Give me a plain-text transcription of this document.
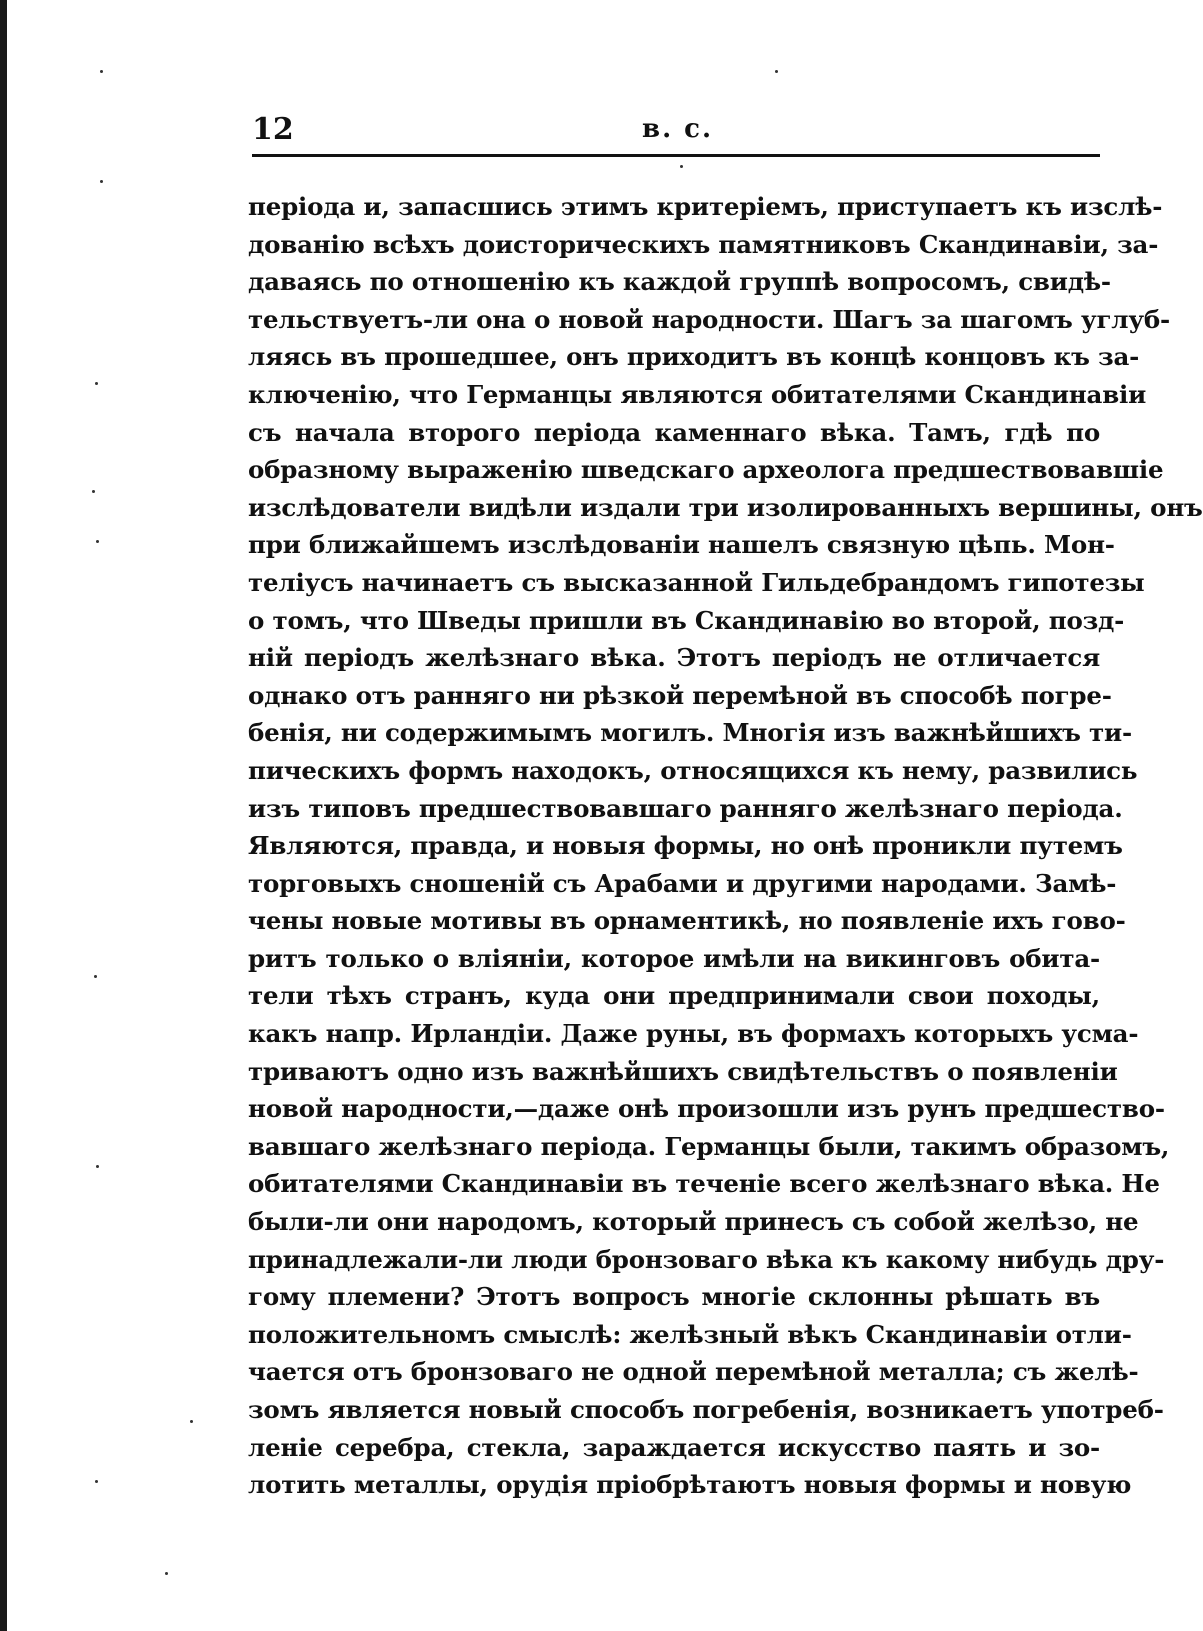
12	в. с.
періода и, запасшись этимъ критеріемъ, приступаетъ къ изслѣ-
дованію всѣхъ доисторическихъ памятниковъ Скандинавіи, за-
даваясь по отношенію къ каждой группѣ вопросомъ, свидѣ-
тельствуетъ-ли она о новой народности. Шагъ за шагомъ углуб-
ляясь въ прошедшее, онъ приходитъ въ концѣ концовъ къ за-
ключенію, что Германцы являются обитателями Скандинавіи
съ начала второго періода каменнаго вѣка. Тамъ, гдѣ по
образному выраженію шведскаго археолога предшествовавшіе
изслѣдователи видѣли издали три изолированныхъ вершины, онъ
при ближайшемъ изслѣдованіи нашелъ связную цѣпь. Мон-
теліусъ начинаетъ съ высказанной Гильдебрандомъ гипотезы
о томъ, что Шведы пришли въ Скандинавію во второй, позд-
ній періодъ желѣзнаго вѣка. Этотъ періодъ не отличается
однако отъ ранняго ни рѣзкой перемѣной въ способѣ погре-
бенія, ни содержимымъ могилъ. Многія изъ важнѣйшихъ ти-
пическихъ формъ находокъ, относящихся къ нему, развились
изъ типовъ предшествовавшаго ранняго желѣзнаго періода.
Являются, правда, и новыя формы, но онѣ проникли путемъ
торговыхъ сношеній съ Арабами и другими народами. Замѣ-
чены новые мотивы въ орнаментикѣ, но появленіе ихъ гово-
ритъ только о вліяніи, которое имѣли на викинговъ обита-
тели тѣхъ странъ, куда они предпринимали свои походы,
какъ напр. Ирландіи. Даже руны, въ формахъ которыхъ усма-
триваютъ одно изъ важнѣйшихъ свидѣтельствъ о появленіи
новой народности,—даже онѣ произошли изъ рунъ предшество-
вавшаго желѣзнаго періода. Германцы были, такимъ образомъ,
обитателями Скандинавіи въ теченіе всего желѣзнаго вѣка. Не
были-ли они народомъ, который принесъ съ собой желѣзо, не
принадлежали-ли люди бронзоваго вѣка къ какому нибудь дру-
гому племени? Этотъ вопросъ многіе склонны рѣшать въ
положительномъ смыслѣ: желѣзный вѣкъ Скандинавіи отли-
чается отъ бронзоваго не одной перемѣной металла; съ желѣ-
зомъ является новый способъ погребенія, возникаетъ употреб-
леніе серебра, стекла, зараждается искусство паять и зо-
лотить металлы, орудія пріобрѣтаютъ новыя формы и новую
